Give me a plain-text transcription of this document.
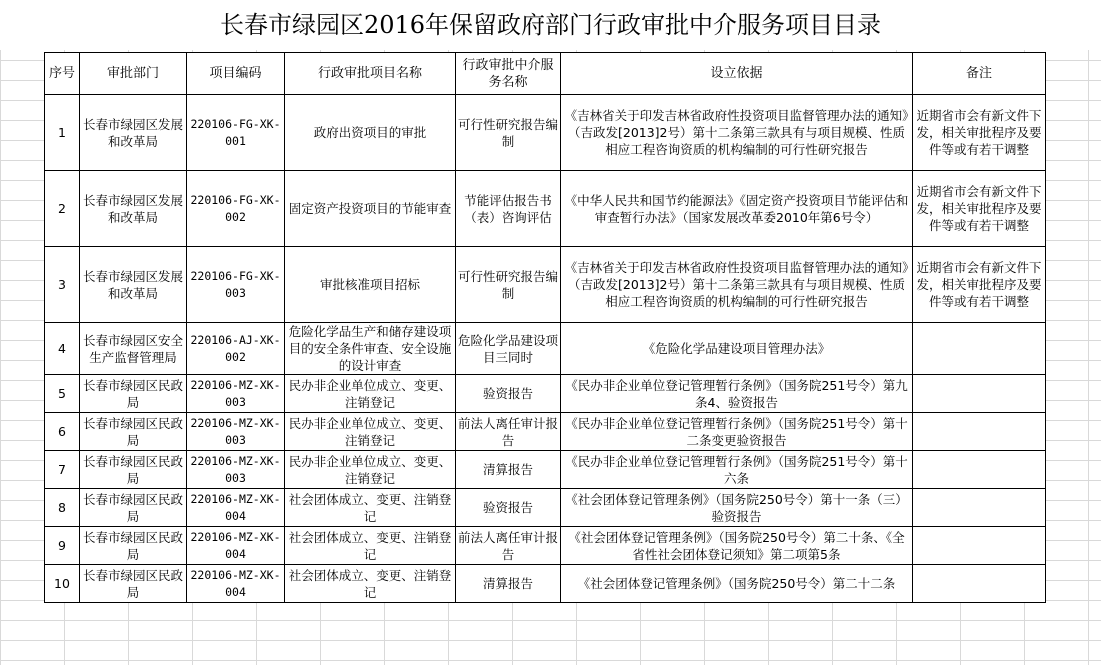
长春市绿园区2016年保留政府部门行政审批中介服务项目目录
序号	审批部门	项目编码	行政审批项目名称	行政审批中介服务名称	设立依据	备注
1	长春市绿园区发展和改革局	220106-FG-XK-001	政府出资项目的审批	可行性研究报告编制	《吉林省关于印发吉林省政府性投资项目监督管理办法的通知》（吉政发[2013]2号）第十二条第三款具有与项目规模、性质相应工程咨询资质的机构编制的可行性研究报告	近期省市会有新文件下发，相关审批程序及要件等或有若干调整
2	长春市绿园区发展和改革局	220106-FG-XK-002	固定资产投资项目的节能审查	节能评估报告书（表）咨询评估	《中华人民共和国节约能源法》《固定资产投资项目节能评估和审查暂行办法》（国家发展改革委2010年第6号令）	近期省市会有新文件下发，相关审批程序及要件等或有若干调整
3	长春市绿园区发展和改革局	220106-FG-XK-003	审批核准项目招标	可行性研究报告编制	《吉林省关于印发吉林省政府性投资项目监督管理办法的通知》（吉政发[2013]2号）第十二条第三款具有与项目规模、性质相应工程咨询资质的机构编制的可行性研究报告	近期省市会有新文件下发，相关审批程序及要件等或有若干调整
4	长春市绿园区安全生产监督管理局	220106-AJ-XK-002	危险化学品生产和储存建设项目的安全条件审查、安全设施的设计审查	危险化学品建设项目三同时	《危险化学品建设项目管理办法》	
5	长春市绿园区民政局	220106-MZ-XK-003	民办非企业单位成立、变更、注销登记	验资报告	《民办非企业单位登记管理暂行条例》（国务院251号令）第九条4、验资报告	
6	长春市绿园区民政局	220106-MZ-XK-003	民办非企业单位成立、变更、注销登记	前法人离任审计报告	《民办非企业单位登记管理暂行条例》（国务院251号令）第十二条变更验资报告	
7	长春市绿园区民政局	220106-MZ-XK-003	民办非企业单位成立、变更、注销登记	清算报告	《民办非企业单位登记管理暂行条例》（国务院251号令）第十六条	
8	长春市绿园区民政局	220106-MZ-XK-004	社会团体成立、变更、注销登记	验资报告	《社会团体登记管理条例》（国务院250号令）第十一条（三）验资报告	
9	长春市绿园区民政局	220106-MZ-XK-004	社会团体成立、变更、注销登记	前法人离任审计报告	《社会团体登记管理条例》（国务院250号令）第二十条、《全省性社会团体登记须知》第二项第5条	
10	长春市绿园区民政局	220106-MZ-XK-004	社会团体成立、变更、注销登记	清算报告	《社会团体登记管理条例》（国务院250号令）第二十二条	
